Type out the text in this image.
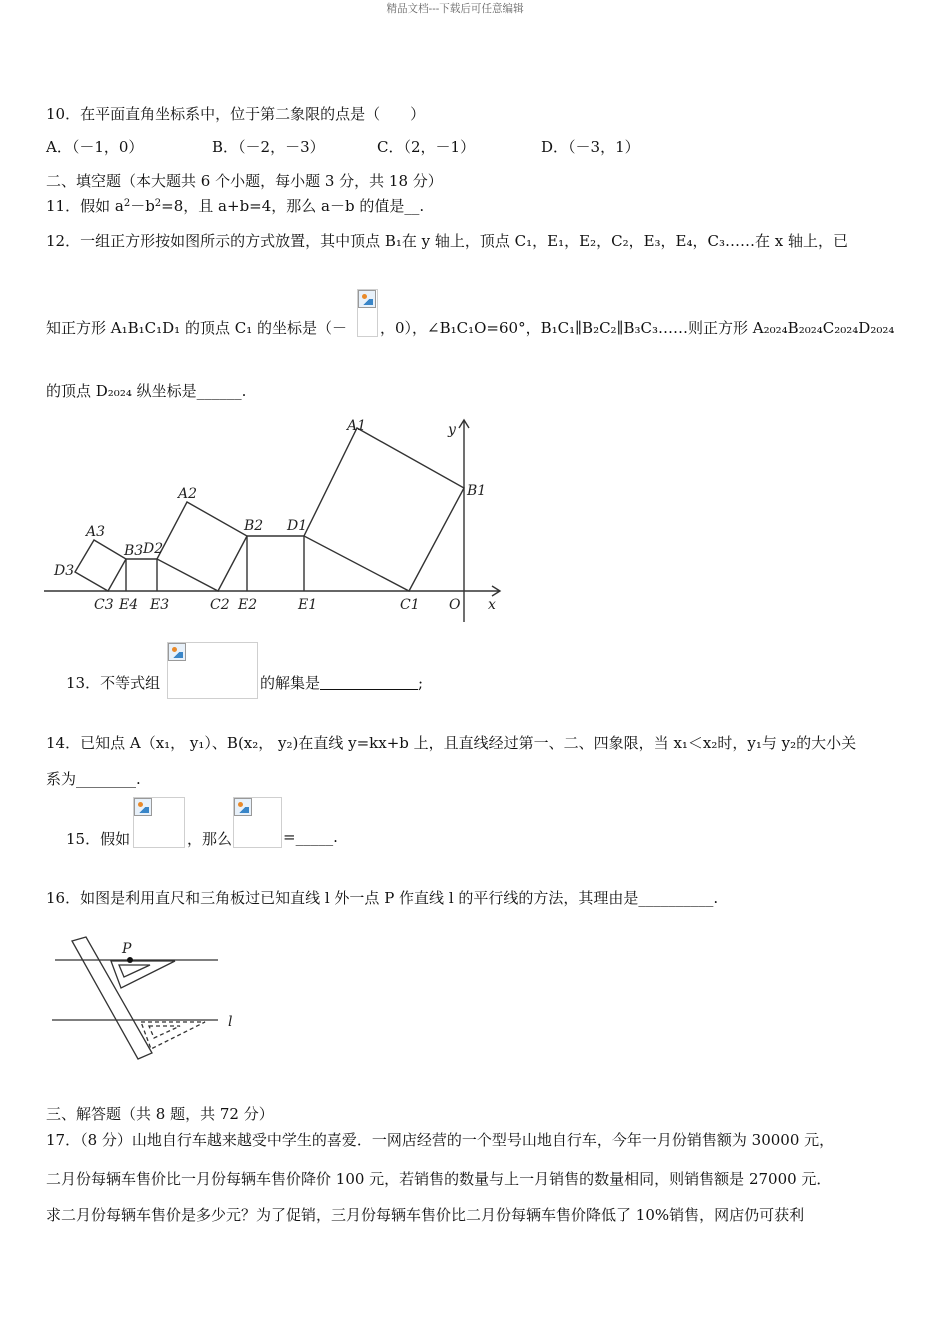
精品文档---下载后可任意编辑
10．在平面直角坐标系中，位于第二象限的点是（　　）
A．（－1，0）	B．（－2，－3）	C．（2，－1）	D．（－3，1）
二、填空题（本大题共 6 个小题，每小题 3 分，共 18 分）
11．假如 $a^2-b^2=8$，且 a+b=4，那么 a－b 的值是__.
12．一组正方形按如图所示的方式放置，其中顶点 B₁在 y 轴上，顶点 C₁，E₁，E₂，C₂，E₃，E₄，C₃……在 x 轴上，已
知正方形 A₁B₁C₁D₁ 的顶点 C₁ 的坐标是（－ ，0），∠B₁C₁O=60°，B₁C₁∥B₂C₂∥B₃C₃……则正方形 A₂₀₂₄B₂₀₂₄C₂₀₂₄D₂₀₂₄
的顶点 D₂₀₂₄ 纵坐标是______.
A1
B1
y
A2
B2 D1
A3
B3 D2
D3
C3 E4 E3	C2 E2	E1	C1 O x
13．不等式组	的解集是	;
14．已知点 A（x₁， y₁）、B(x₂， y₂)在直线 y=kx+b 上，且直线经过第一、二、四象限，当 x₁＜x₂时，y₁与 y₂的大小关
系为________.
15．假如	，那么	=_____.
16．如图是利用直尺和三角板过已知直线 l 外一点 P 作直线 l 的平行线的方法，其理由是__________.
P
l
三、解答题（共 8 题，共 72 分）
17．（8 分）山地自行车越来越受中学生的喜爱．一网店经营的一个型号山地自行车，今年一月份销售额为 30000 元，
二月份每辆车售价比一月份每辆车售价降价 100 元，若销售的数量与上一月销售的数量相同，则销售额是 27000 元．
求二月份每辆车售价是多少元？为了促销，三月份每辆车售价比二月份每辆车售价降低了 10%销售，网店仍可获利
